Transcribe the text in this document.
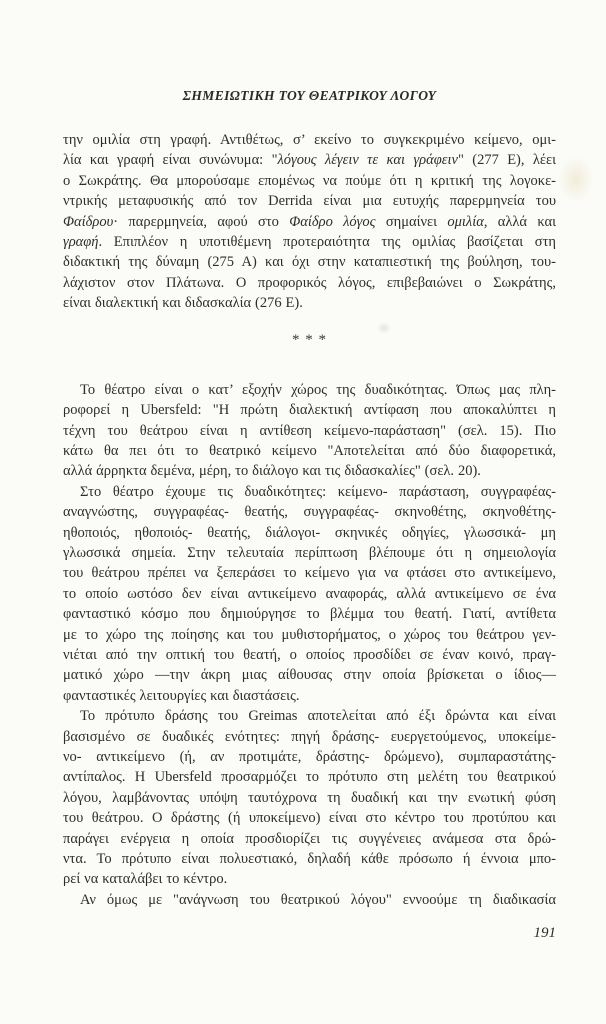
ΣΗΜΕΙΩΤΙΚΗ ΤΟΥ ΘΕΑΤΡΙΚΟΥ ΛΟΓΟΥ
την ομιλία στη γραφή. Αντιθέτως, σ’ εκείνο το συγκεκριμένο κείμενο, ομι-
λία και γραφή είναι συνώνυμα: "λόγους λέγειν τε και γράφειν" (277 Ε), λέει
ο Σωκράτης. Θα μπορούσαμε επομένως να πούμε ότι η κριτική της λογοκε-
ντρικής μεταφυσικής από τον Derrida είναι μια ευτυχής παρερμηνεία του
Φαίδρου· παρερμηνεία, αφού στο Φαίδρο λόγος σημαίνει ομιλία, αλλά και
γραφή. Επιπλέον η υποτιθέμενη προτεραιότητα της ομιλίας βασίζεται στη
διδακτική της δύναμη (275 Α) και όχι στην καταπιεστική της βούληση, του-
λάχιστον στον Πλάτωνα. Ο προφορικός λόγος, επιβεβαιώνει ο Σωκράτης,
είναι διαλεκτική και διδασκαλία (276 Ε).
* * *
Το θέατρο είναι ο κατ’ εξοχήν χώρος της δυαδικότητας. Όπως μας πλη-
ροφορεί η Ubersfeld: "Η πρώτη διαλεκτική αντίφαση που αποκαλύπτει η
τέχνη του θεάτρου είναι η αντίθεση κείμενο-παράσταση" (σελ. 15). Πιο
κάτω θα πει ότι το θεατρικό κείμενο "Αποτελείται από δύο διαφορετικά,
αλλά άρρηκτα δεμένα, μέρη, το διάλογο και τις διδασκαλίες" (σελ. 20).
Στο θέατρο έχουμε τις δυαδικότητες: κείμενο- παράσταση, συγγραφέας-
αναγνώστης, συγγραφέας- θεατής, συγγραφέας- σκηνοθέτης, σκηνοθέτης-
ηθοποιός, ηθοποιός- θεατής, διάλογοι- σκηνικές οδηγίες, γλωσσικά- μη
γλωσσικά σημεία. Στην τελευταία περίπτωση βλέπουμε ότι η σημειολογία
του θεάτρου πρέπει να ξεπεράσει το κείμενο για να φτάσει στο αντικείμενο,
το οποίο ωστόσο δεν είναι αντικείμενο αναφοράς, αλλά αντικείμενο σε ένα
φανταστικό κόσμο που δημιούργησε το βλέμμα του θεατή. Γιατί, αντίθετα
με το χώρο της ποίησης και του μυθιστορήματος, ο χώρος του θεάτρου γεν-
νιέται από την οπτική του θεατή, ο οποίος προσδίδει σε έναν κοινό, πραγ-
ματικό χώρο —την άκρη μιας αίθουσας στην οποία βρίσκεται ο ίδιος—
φανταστικές λειτουργίες και διαστάσεις.
Το πρότυπο δράσης του Greimas αποτελείται από έξι δρώντα και είναι
βασισμένο σε δυαδικές ενότητες: πηγή δράσης- ευεργετούμενος, υποκείμε-
νο- αντικείμενο (ή, αν προτιμάτε, δράστης- δρώμενο), συμπαραστάτης-
αντίπαλος. Η Ubersfeld προσαρμόζει το πρότυπο στη μελέτη του θεατρικού
λόγου, λαμβάνοντας υπόψη ταυτόχρονα τη δυαδική και την ενωτική φύση
του θεάτρου. Ο δράστης (ή υποκείμενο) είναι στο κέντρο του προτύπου και
παράγει ενέργεια η οποία προσδιορίζει τις συγγένειες ανάμεσα στα δρώ-
ντα. Το πρότυπο είναι πολυεστιακό, δηλαδή κάθε πρόσωπο ή έννοια μπο-
ρεί να καταλάβει το κέντρο.
Αν όμως με "ανάγνωση του θεατρικού λόγου" εννοούμε τη διαδικασία
191
